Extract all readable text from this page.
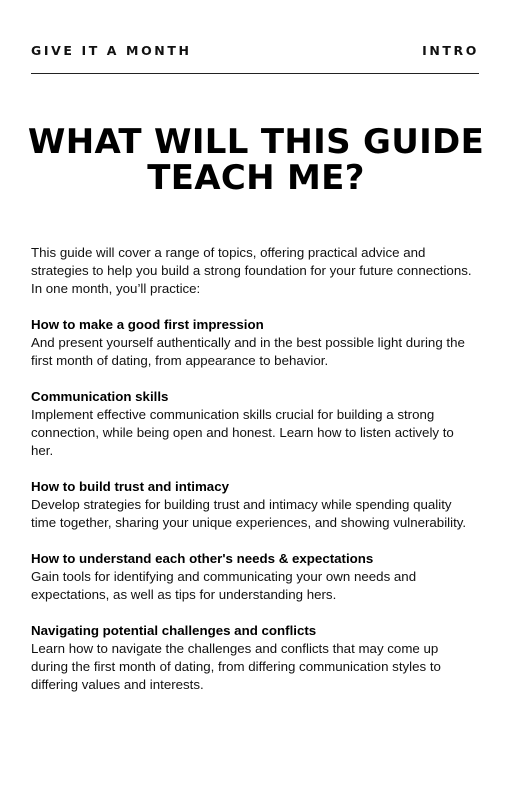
GIVE IT A MONTH	INTRO
WHAT WILL THIS GUIDE
TEACH ME?

This guide will cover a range of topics, offering practical advice and strategies to help you build a strong foundation for your future connections. In one month, you’ll practice:

How to make a good first impression
And present yourself authentically and in the best possible light during the first month of dating, from appearance to behavior.
Communication skills
Implement effective communication skills crucial for building a strong connection, while being open and honest. Learn how to listen actively to her.
How to build trust and intimacy
Develop strategies for building trust and intimacy while spending quality time together, sharing your unique experiences, and showing vulnerability.
How to understand each other's needs & expectations
Gain tools for identifying and communicating your own needs and expectations, as well as tips for understanding hers.
Navigating potential challenges and conflicts
Learn how to navigate the challenges and conflicts that may come up during the first month of dating, from differing communication styles to differing values and interests.
